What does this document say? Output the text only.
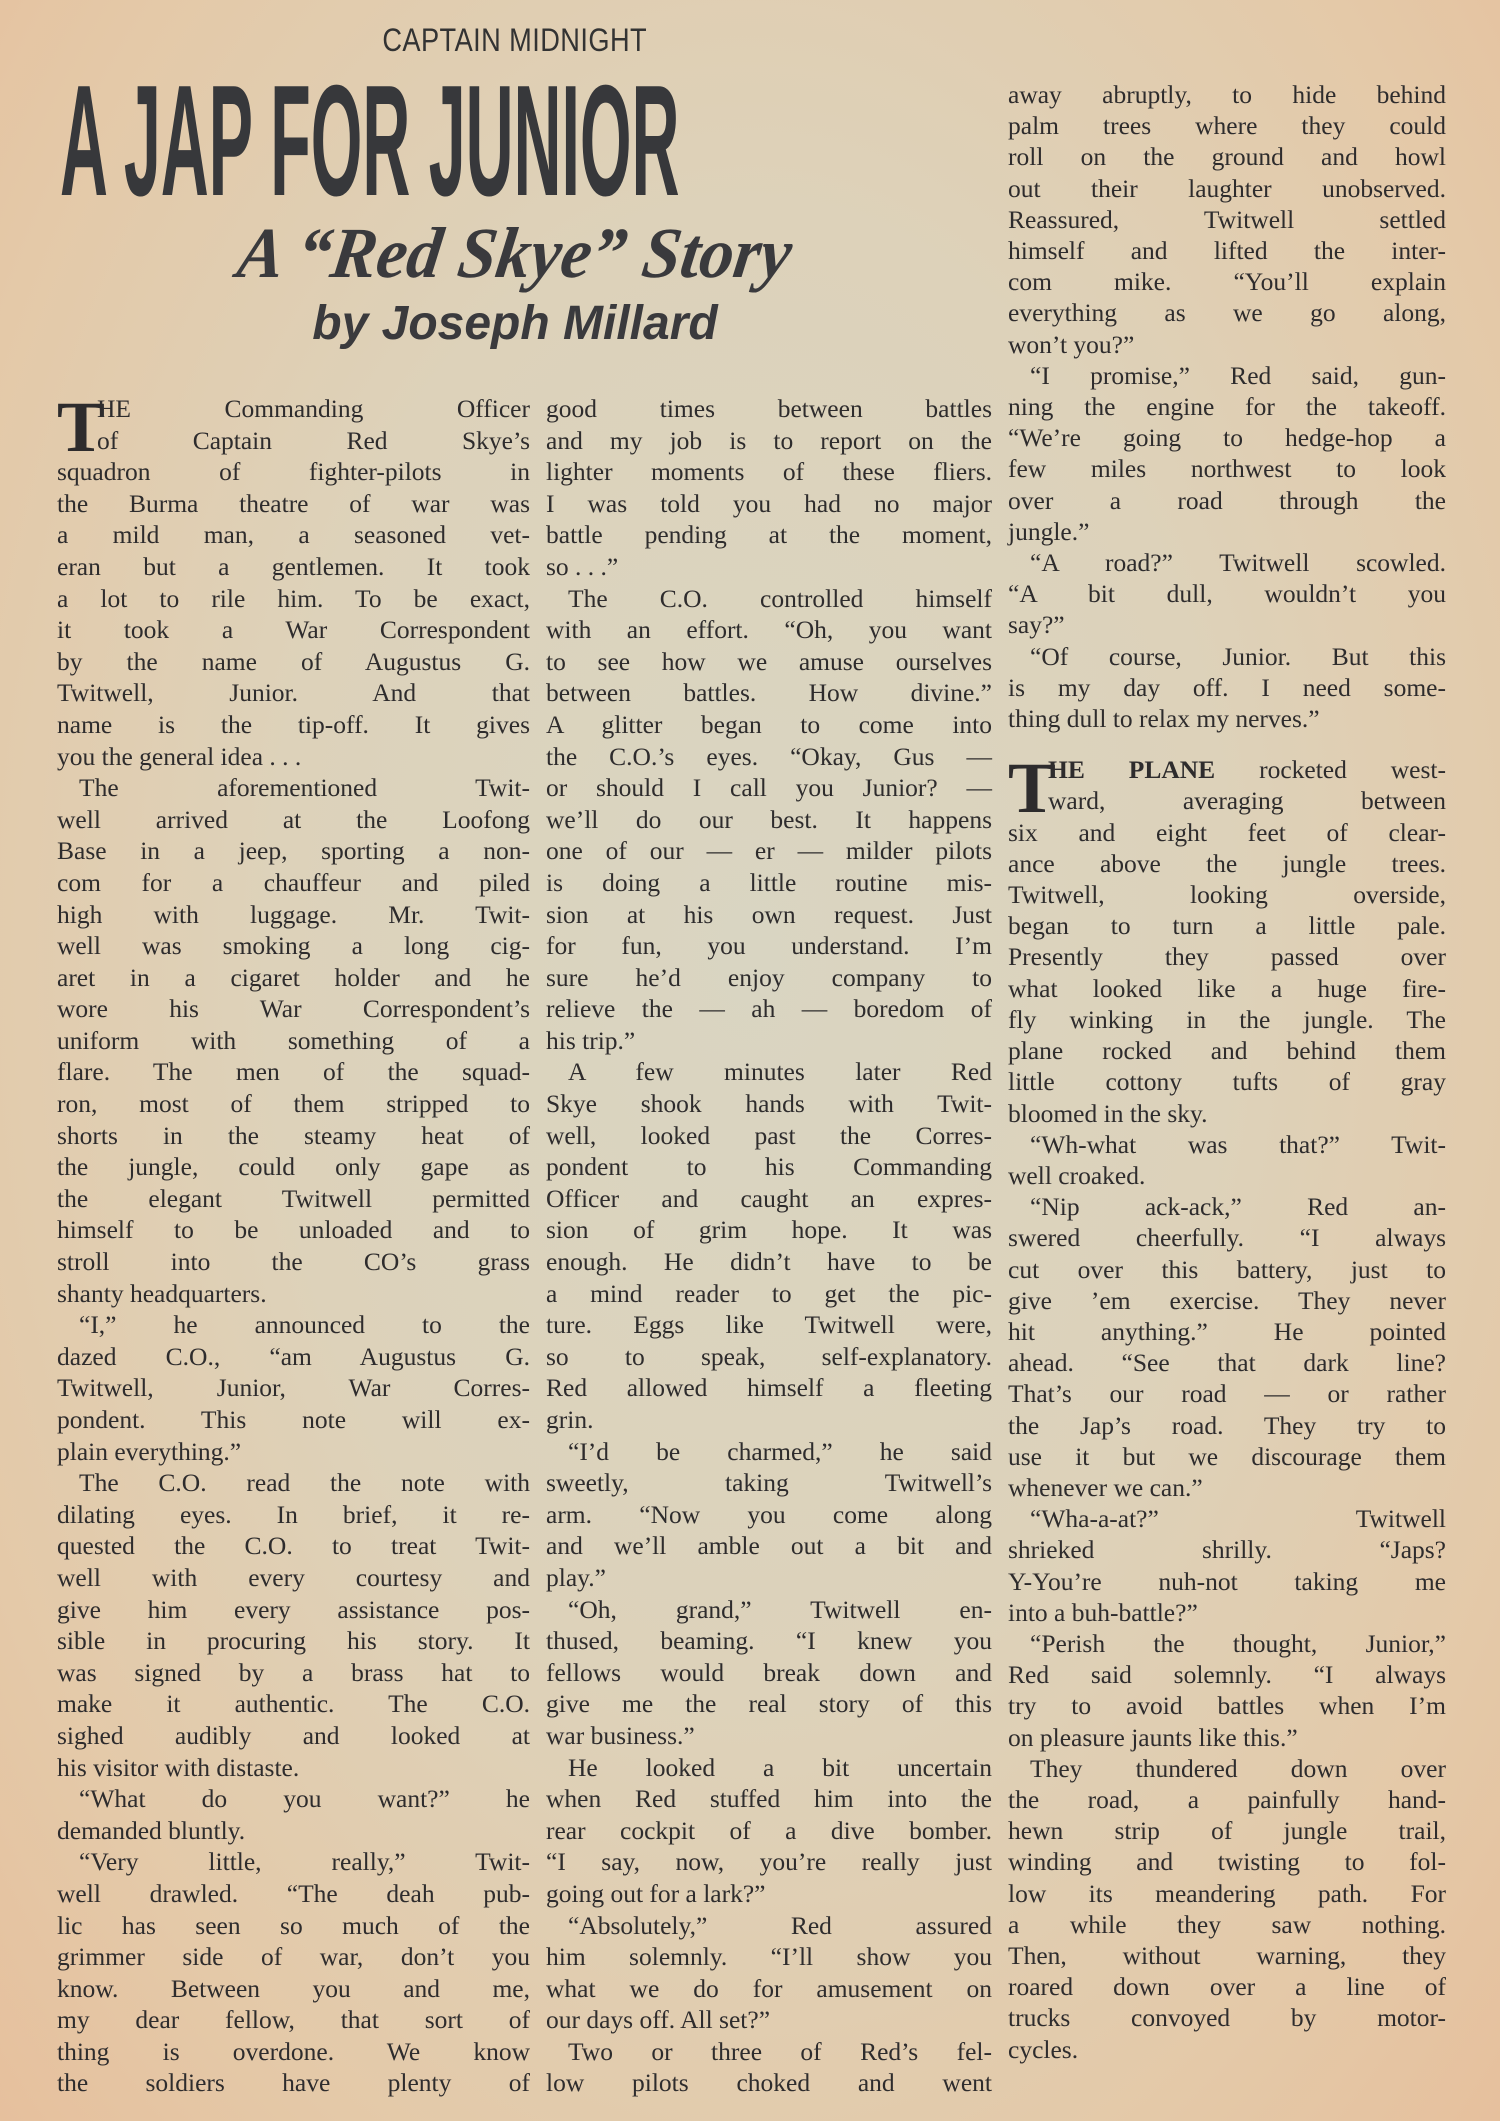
CAPTAIN MIDNIGHT
A JAP FOR JUNIOR
A “Red Skye” Story
by Joseph Millard
T
HE Commanding Officer
of Captain Red Skye’s
squadron of fighter-pilots in
the Burma theatre of war was
a mild man, a seasoned vet-
eran but a gentlemen. It took
a lot to rile him. To be exact,
it took a War Correspondent
by the name of Augustus G.
Twitwell, Junior. And that
name is the tip-off. It gives
you the general idea . . .
The aforementioned Twit-
well arrived at the Loofong
Base in a jeep, sporting a non-
com for a chauffeur and piled
high with luggage. Mr. Twit-
well was smoking a long cig-
aret in a cigaret holder and he
wore his War Correspondent’s
uniform with something of a
flare. The men of the squad-
ron, most of them stripped to
shorts in the steamy heat of
the jungle, could only gape as
the elegant Twitwell permitted
himself to be unloaded and to
stroll into the CO’s grass
shanty headquarters.
“I,” he announced to the
dazed C.O., “am Augustus G.
Twitwell, Junior, War Corres-
pondent. This note will ex-
plain everything.”
The C.O. read the note with
dilating eyes. In brief, it re-
quested the C.O. to treat Twit-
well with every courtesy and
give him every assistance pos-
sible in procuring his story. It
was signed by a brass hat to
make it authentic. The C.O.
sighed audibly and looked at
his visitor with distaste.
“What do you want?” he
demanded bluntly.
“Very little, really,” Twit-
well drawled. “The deah pub-
lic has seen so much of the
grimmer side of war, don’t you
know. Between you and me,
my dear fellow, that sort of
thing is overdone. We know
the soldiers have plenty of
good times between battles
and my job is to report on the
lighter moments of these fliers.
I was told you had no major
battle pending at the moment,
so . . .”
The C.O. controlled himself
with an effort. “Oh, you want
to see how we amuse ourselves
between battles. How divine.”
A glitter began to come into
the C.O.’s eyes. “Okay, Gus —
or should I call you Junior? —
we’ll do our best. It happens
one of our — er — milder pilots
is doing a little routine mis-
sion at his own request. Just
for fun, you understand. I’m
sure he’d enjoy company to
relieve the — ah — boredom of
his trip.”
A few minutes later Red
Skye shook hands with Twit-
well, looked past the Corres-
pondent to his Commanding
Officer and caught an expres-
sion of grim hope. It was
enough. He didn’t have to be
a mind reader to get the pic-
ture. Eggs like Twitwell were,
so to speak, self-explanatory.
Red allowed himself a fleeting
grin.
“I’d be charmed,” he said
sweetly, taking Twitwell’s
arm. “Now you come along
and we’ll amble out a bit and
play.”
“Oh, grand,” Twitwell en-
thused, beaming. “I knew you
fellows would break down and
give me the real story of this
war business.”
He looked a bit uncertain
when Red stuffed him into the
rear cockpit of a dive bomber.
“I say, now, you’re really just
going out for a lark?”
“Absolutely,” Red assured
him solemnly. “I’ll show you
what we do for amusement on
our days off. All set?”
Two or three of Red’s fel-
low pilots choked and went
away abruptly, to hide behind
palm trees where they could
roll on the ground and howl
out their laughter unobserved.
Reassured, Twitwell settled
himself and lifted the inter-
com mike. “You’ll explain
everything as we go along,
won’t you?”
“I promise,” Red said, gun-
ning the engine for the takeoff.
“We’re going to hedge-hop a
few miles northwest to look
over a road through the
jungle.”
“A road?” Twitwell scowled.
“A bit dull, wouldn’t you
say?”
“Of course, Junior. But this
is my day off. I need some-
thing dull to relax my nerves.”
T
HE PLANE rocketed west-
ward, averaging between
six and eight feet of clear-
ance above the jungle trees.
Twitwell, looking overside,
began to turn a little pale.
Presently they passed over
what looked like a huge fire-
fly winking in the jungle. The
plane rocked and behind them
little cottony tufts of gray
bloomed in the sky.
“Wh-what was that?” Twit-
well croaked.
“Nip ack-ack,” Red an-
swered cheerfully. “I always
cut over this battery, just to
give ’em exercise. They never
hit anything.” He pointed
ahead. “See that dark line?
That’s our road — or rather
the Jap’s road. They try to
use it but we discourage them
whenever we can.”
“Wha-a-at?” Twitwell
shrieked shrilly. “Japs?
Y-You’re nuh-not taking me
into a buh-battle?”
“Perish the thought, Junior,”
Red said solemnly. “I always
try to avoid battles when I’m
on pleasure jaunts like this.”
They thundered down over
the road, a painfully hand-
hewn strip of jungle trail,
winding and twisting to fol-
low its meandering path. For
a while they saw nothing.
Then, without warning, they
roared down over a line of
trucks convoyed by motor-
cycles.
